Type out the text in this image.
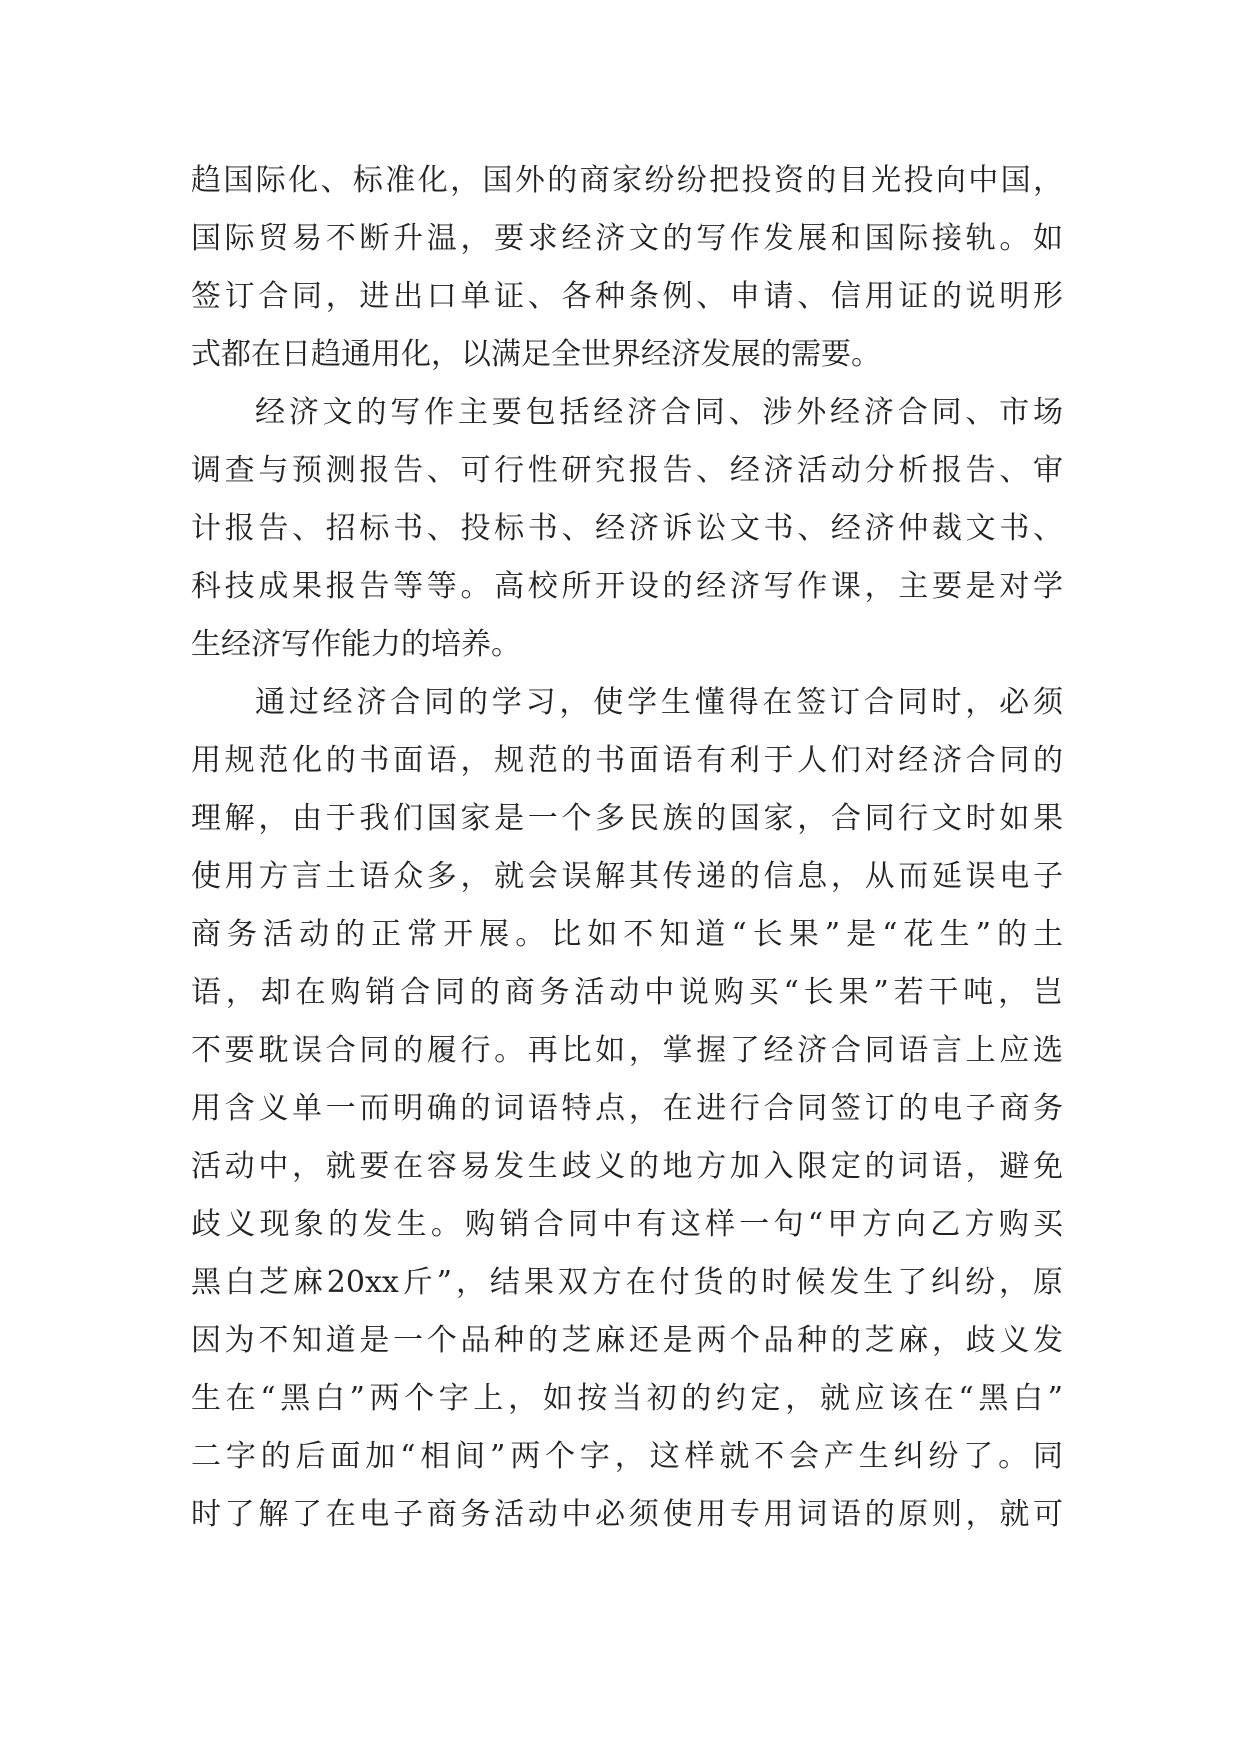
趋国际化、标准化，国外的商家纷纷把投资的目光投向中国，
国际贸易不断升温，要求经济文的写作发展和国际接轨。如
签订合同，进出口单证、各种条例、申请、信用证的说明形
式都在日趋通用化，以满足全世界经济发展的需要。
经济文的写作主要包括经济合同、涉外经济合同、市场
调查与预测报告、可行性研究报告、经济活动分析报告、审
计报告、招标书、投标书、经济诉讼文书、经济仲裁文书、
科技成果报告等等。高校所开设的经济写作课，主要是对学
生经济写作能力的培养。
通过经济合同的学习，使学生懂得在签订合同时，必须
用规范化的书面语，规范的书面语有利于人们对经济合同的
理解，由于我们国家是一个多民族的国家，合同行文时如果
使用方言土语众多，就会误解其传递的信息，从而延误电子
商务活动的正常开展。比如不知道“长果”是“花生”的土
语，却在购销合同的商务活动中说购买“长果”若干吨，岂
不要耽误合同的履行。再比如，掌握了经济合同语言上应选
用含义单一而明确的词语特点，在进行合同签订的电子商务
活动中，就要在容易发生歧义的地方加入限定的词语，避免
歧义现象的发生。购销合同中有这样一句“甲方向乙方购买
黑白芝麻20xx斤”，结果双方在付货的时候发生了纠纷，原
因为不知道是一个品种的芝麻还是两个品种的芝麻，歧义发
生在“黑白”两个字上，如按当初的约定，就应该在“黑白”
二字的后面加“相间”两个字，这样就不会产生纠纷了。同
时了解了在电子商务活动中必须使用专用词语的原则，就可
